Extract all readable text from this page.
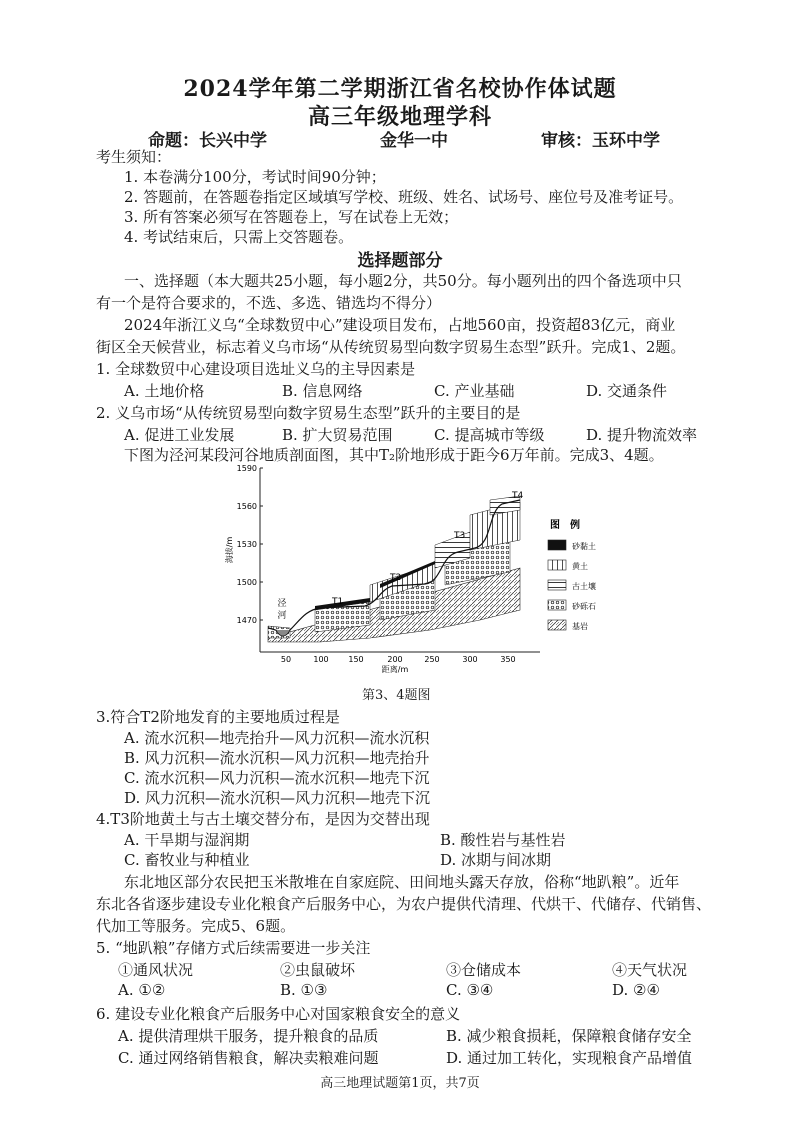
2024学年第二学期浙江省名校协作体试题
高三年级地理学科
命题：长兴中学	金华一中	审核：玉环中学
考生须知：
1. 本卷满分100分，考试时间90分钟；
2. 答题前，在答题卷指定区域填写学校、班级、姓名、试场号、座位号及准考证号。
3. 所有答案必须写在答题卷上，写在试卷上无效；
4. 考试结束后，只需上交答题卷。
选择题部分
一、选择题（本大题共25小题，每小题2分，共50分。每小题列出的四个备选项中只
有一个是符合要求的，不选、多选、错选均不得分）
2024年浙江义乌“全球数贸中心”建设项目发布，占地560亩，投资超83亿元，商业
街区全天候营业，标志着义乌市场“从传统贸易型向数字贸易生态型”跃升。完成1、2题。
1. 全球数贸中心建设项目选址义乌的主导因素是
A. 土地价格	B. 信息网络	C. 产业基础	D. 交通条件
2. 义乌市场“从传统贸易型向数字贸易生态型”跃升的主要目的是
A. 促进工业发展	B. 扩大贸易范围	C. 提高城市等级	D. 提升物流效率
下图为泾河某段河谷地质剖面图，其中T₂阶地形成于距今6万年前。完成3、4题。
海拔/m
距离/m
1590
1560
1530
1500
1470
50	100 150	200	250	300	350
泾
河
T1
T2
T3
T4
图　例
砂黏土
黄土
古土壤
砂砾石
基岩
第3、4题图
3.符合T2阶地发育的主要地质过程是
A. 流水沉积—地壳抬升—风力沉积—流水沉积
B. 风力沉积—流水沉积—风力沉积—地壳抬升
C. 流水沉积—风力沉积—流水沉积—地壳下沉
D. 风力沉积—流水沉积—风力沉积—地壳下沉
4.T3阶地黄土与古土壤交替分布，是因为交替出现
A. 干旱期与湿润期	B. 酸性岩与基性岩
C. 畜牧业与种植业	D. 冰期与间冰期
东北地区部分农民把玉米散堆在自家庭院、田间地头露天存放，俗称“地趴粮”。近年
东北各省逐步建设专业化粮食产后服务中心，为农户提供代清理、代烘干、代储存、代销售、
代加工等服务。完成5、6题。
5. “地趴粮”存储方式后续需要进一步关注
①通风状况	②虫鼠破坏	③仓储成本	④天气状况
A. ①②	B. ①③	C. ③④	D. ②④
6. 建设专业化粮食产后服务中心对国家粮食安全的意义
A. 提供清理烘干服务，提升粮食的品质	B. 减少粮食损耗，保障粮食储存安全
C. 通过网络销售粮食，解决卖粮难问题	D. 通过加工转化，实现粮食产品增值
高三地理试题第1页，共7页
